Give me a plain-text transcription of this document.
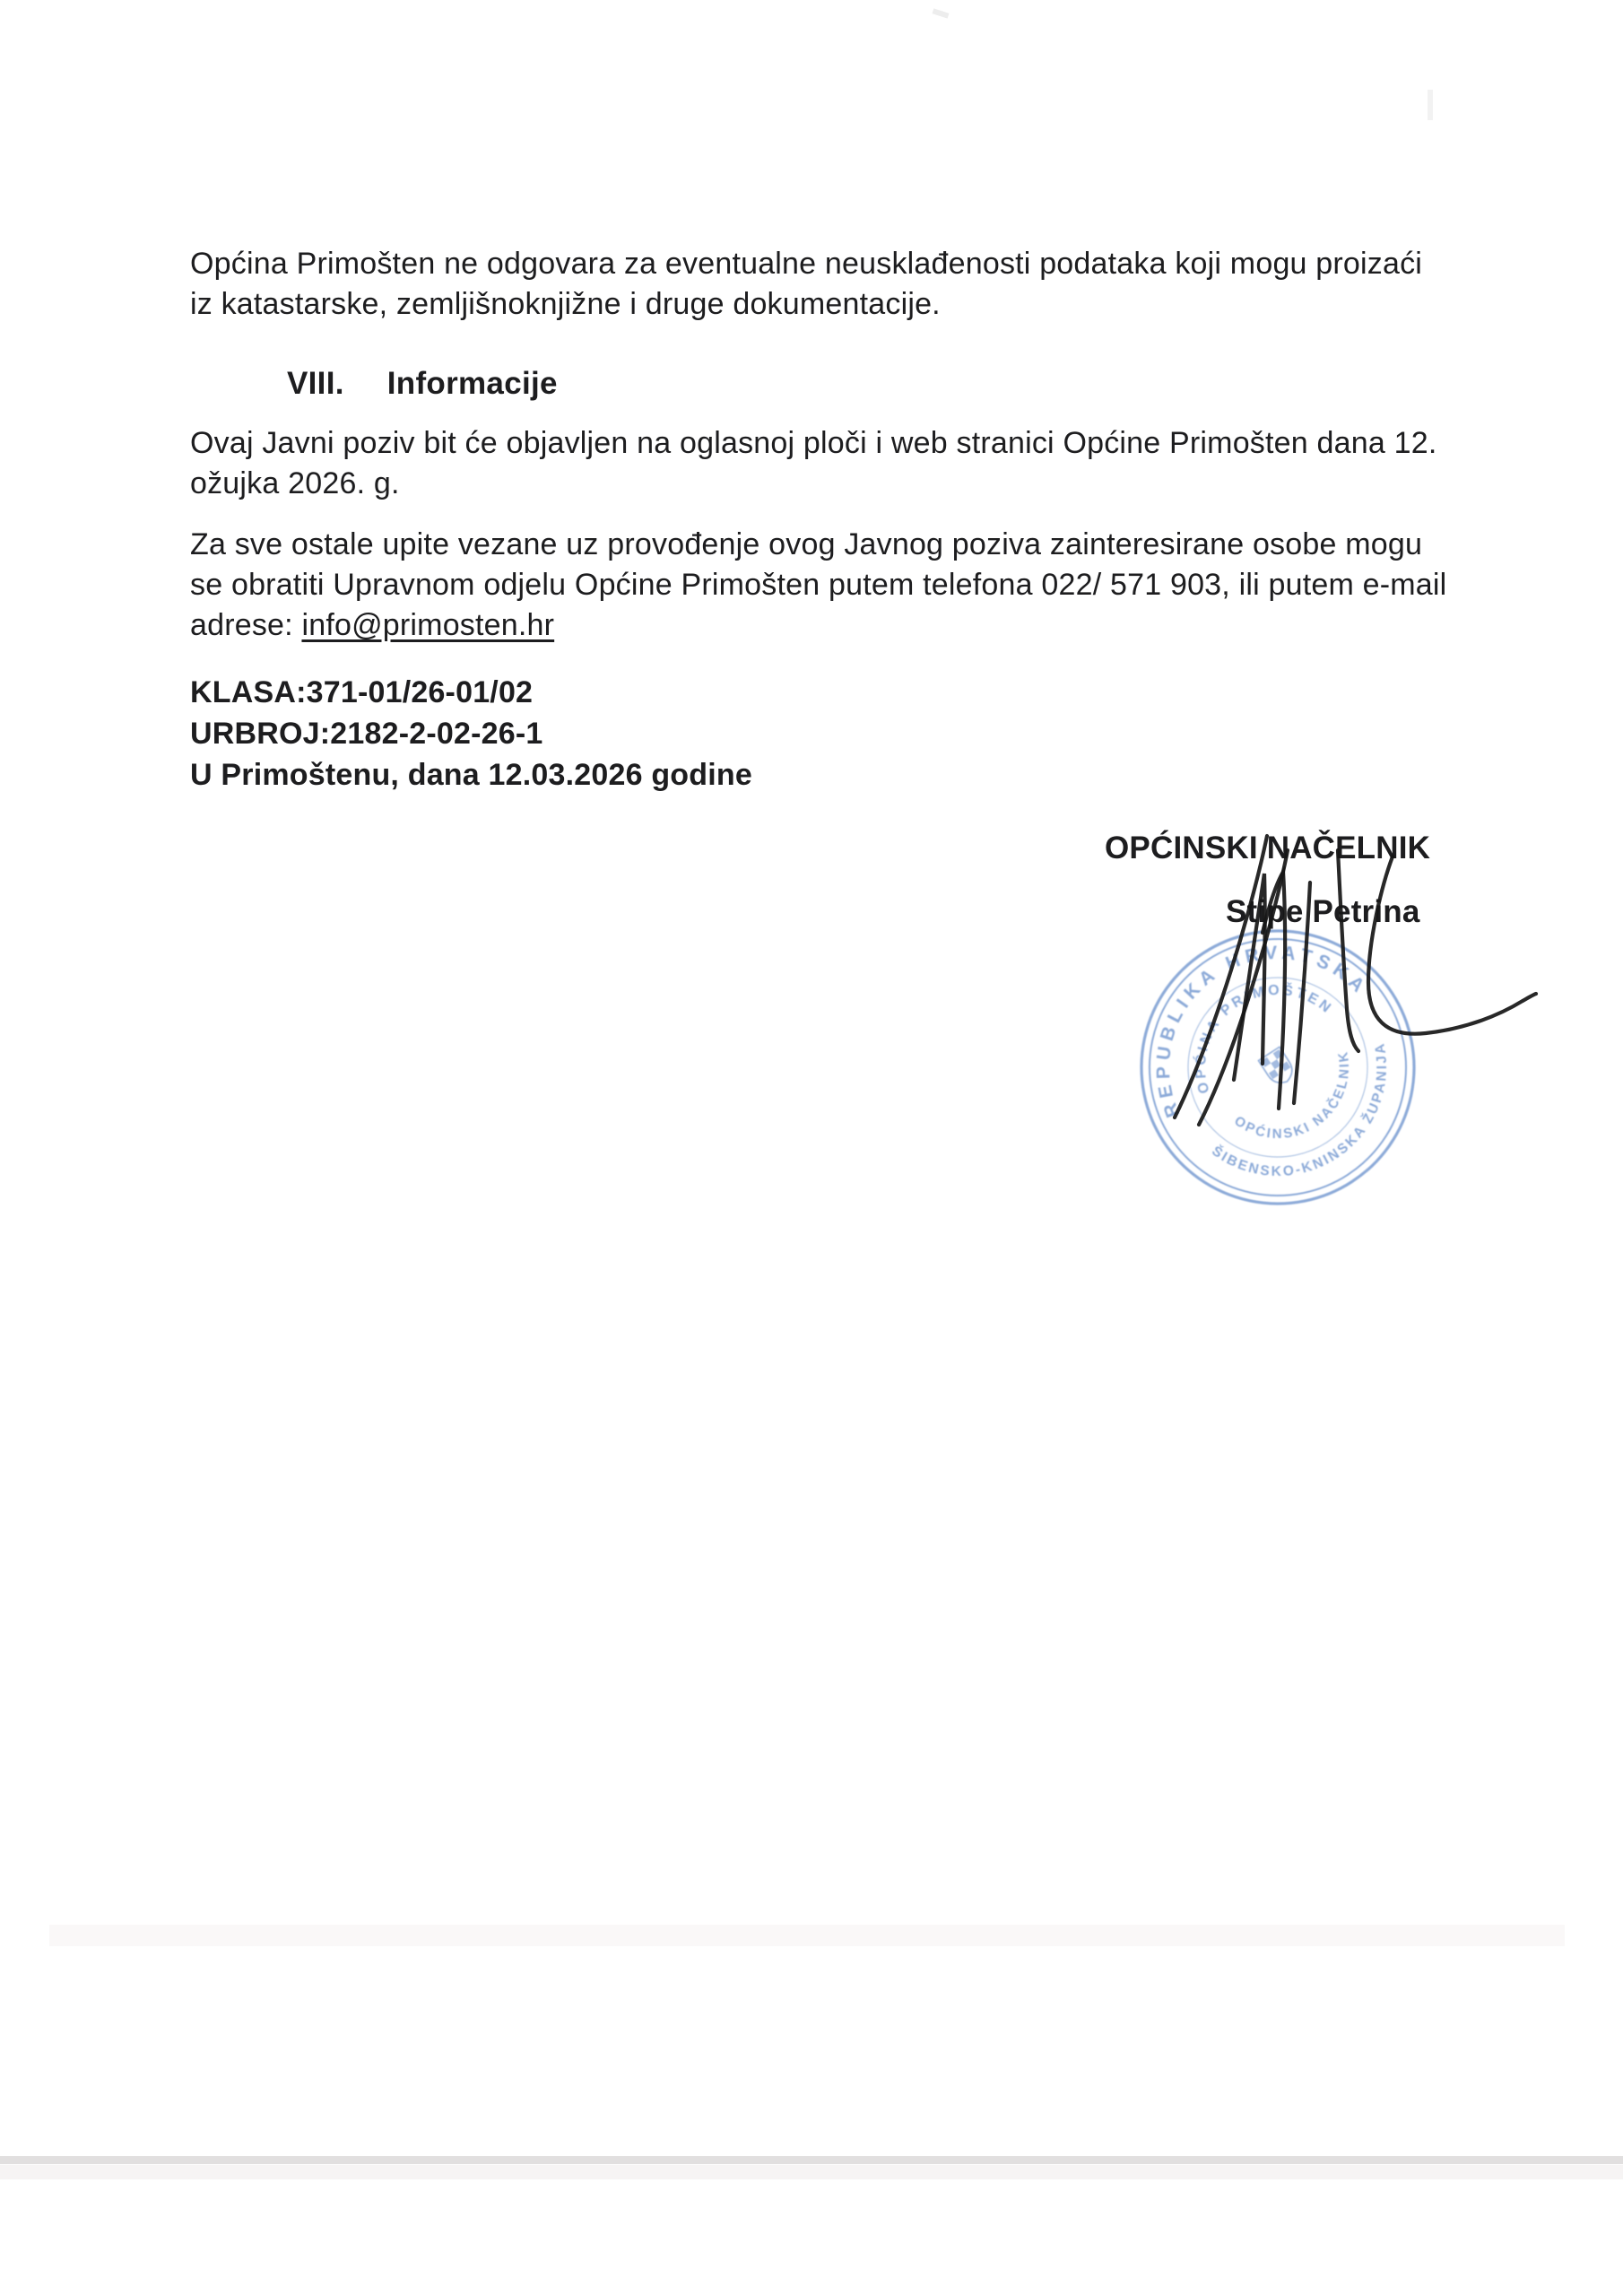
Općina Primošten ne odgovara za eventualne neusklađenosti podataka koji mogu proizaći
iz katastarske, zemljišnoknjižne i druge dokumentacije.
VIII. Informacije
Ovaj Javni poziv bit će objavljen na oglasnoj ploči i web stranici Općine Primošten dana 12.
ožujka 2026. g.
Za sve ostale upite vezane uz provođenje ovog Javnog poziva zainteresirane osobe mogu
se obratiti Upravnom odjelu Općine Primošten putem telefona 022/ 571 903, ili putem e-mail
adrese: info@primosten.hr
KLASA:371-01/26-01/02
URBROJ:2182-2-02-26-1
U Primoštenu, dana 12.03.2026 godine
OPĆINSKI NAČELNIK
Stipe Petrina
REPUBLIKA HRVATSKA
ŠIBENSKO-KNINSKA ŽUPANIJA
OPĆINA PRIMOŠTEN
OPĆINSKI NAČELNIK
